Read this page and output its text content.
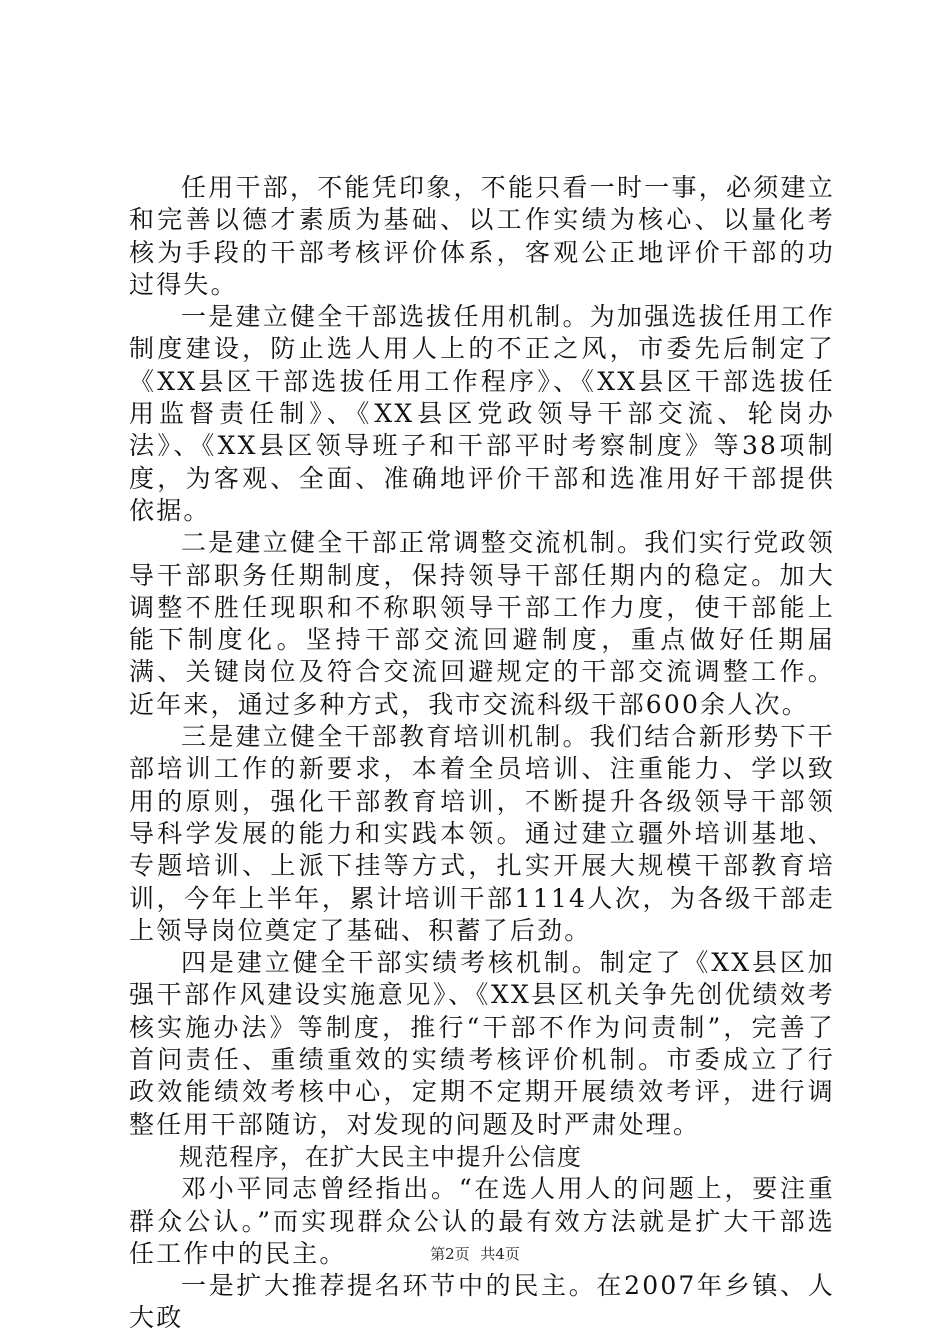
任用干部，不能凭印象，不能只看一时一事，必须建立和完善以德才素质为基础、以工作实绩为核心、以量化考核为手段的干部考核评价体系，客观公正地评价干部的功过得失。

一是建立健全干部选拔任用机制。为加强选拔任用工作制度建设，防止选人用人上的不正之风，市委先后制定了《XX县区干部选拔任用工作程序》、《XX县区干部选拔任用监督责任制》、《XX县区党政领导干部交流、轮岗办法》、《XX县区领导班子和干部平时考察制度》等38项制度，为客观、全面、准确地评价干部和选准用好干部提供依据。

二是建立健全干部正常调整交流机制。我们实行党政领导干部职务任期制度，保持领导干部任期内的稳定。加大调整不胜任现职和不称职领导干部工作力度，使干部能上能下制度化。坚持干部交流回避制度，重点做好任期届满、关键岗位及符合交流回避规定的干部交流调整工作。近年来，通过多种方式，我市交流科级干部600余人次。

三是建立健全干部教育培训机制。我们结合新形势下干部培训工作的新要求，本着全员培训、注重能力、学以致用的原则，强化干部教育培训，不断提升各级领导干部领导科学发展的能力和实践本领。通过建立疆外培训基地、专题培训、上派下挂等方式，扎实开展大规模干部教育培训，今年上半年，累计培训干部1114人次，为各级干部走上领导岗位奠定了基础、积蓄了后劲。

四是建立健全干部实绩考核机制。制定了《XX县区加强干部作风建设实施意见》、《XX县区机关争先创优绩效考核实施办法》等制度，推行“干部不作为问责制”，完善了首问责任、重绩重效的实绩考核评价机制。市委成立了行政效能绩效考核中心，定期不定期开展绩效考评，进行调整任用干部随访，对发现的问题及时严肃处理。

规范程序，在扩大民主中提升公信度

邓小平同志曾经指出。“在选人用人的问题上，要注重群众公认。”而实现群众公认的最有效方法就是扩大干部选任工作中的民主。

一是扩大推荐提名环节中的民主。在2007年乡镇、人大政

第2页 共4页
